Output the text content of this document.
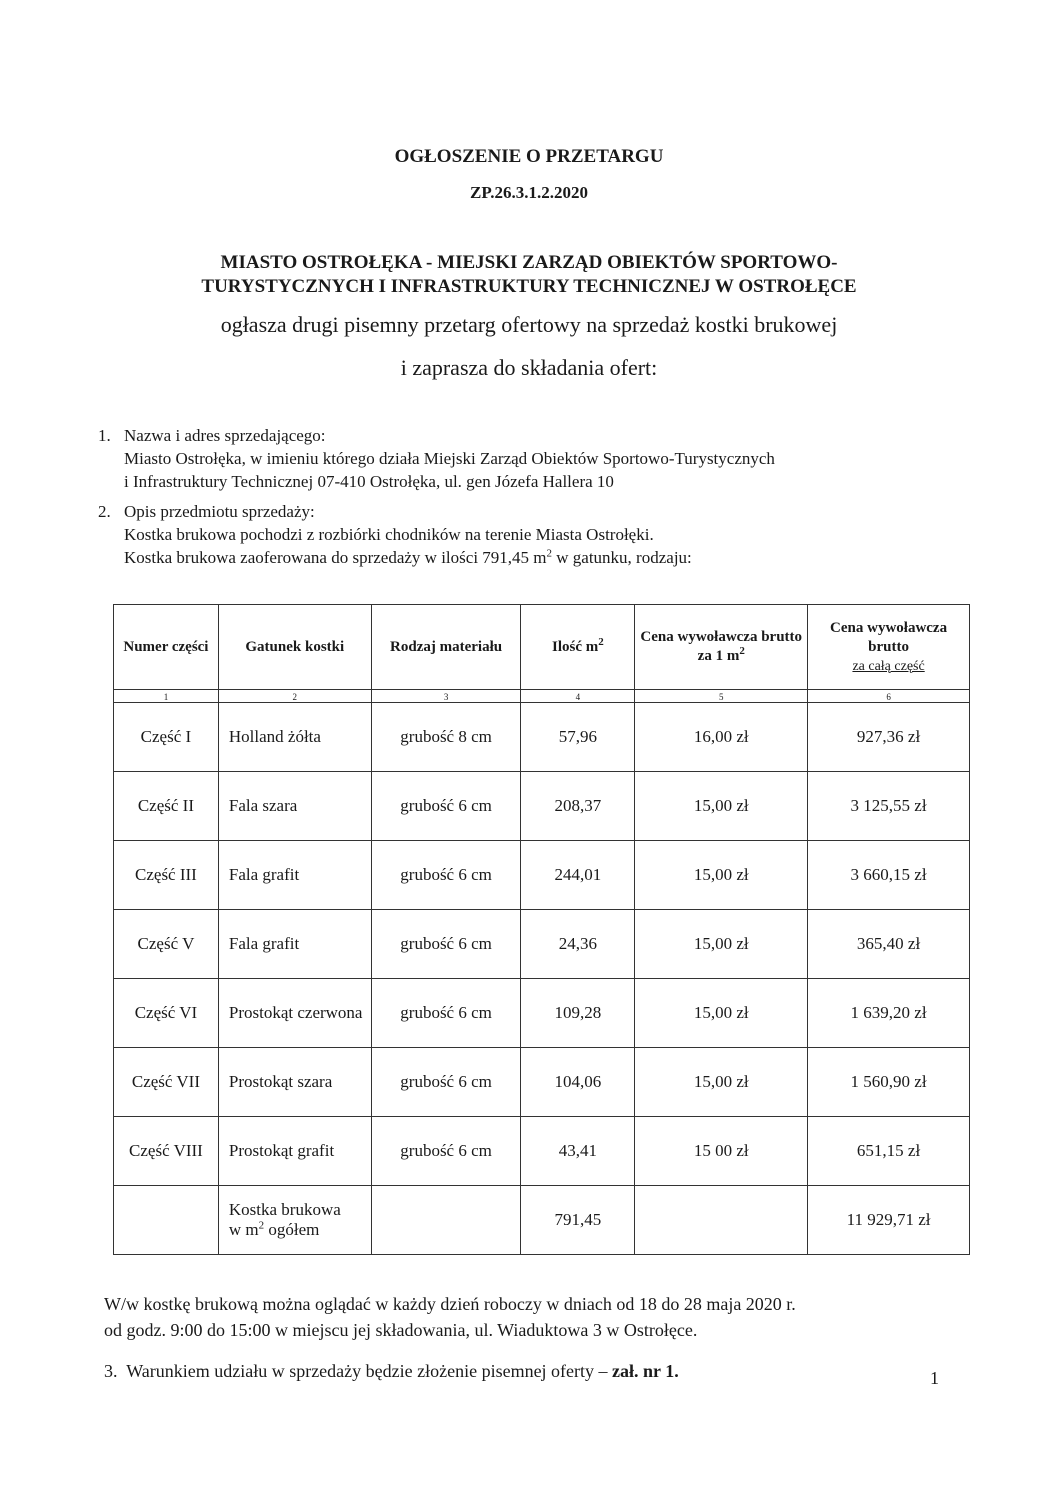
OGŁOSZENIE O PRZETARGU
ZP.26.3.1.2.2020
MIASTO OSTROŁĘKA - MIEJSKI ZARZĄD OBIEKTÓW SPORTOWO-
TURYSTYCZNYCH I INFRASTRUKTURY TECHNICZNEJ W OSTROŁĘCE
ogłasza drugi pisemny przetarg ofertowy na sprzedaż kostki brukowej
i zaprasza do składania ofert:
1. Nazwa i adres sprzedającego:
Miasto Ostrołęka, w imieniu którego działa Miejski Zarząd Obiektów Sportowo-Turystycznych
i Infrastruktury Technicznej 07-410 Ostrołęka, ul. gen Józefa Hallera 10
2. Opis przedmiotu sprzedaży:
Kostka brukowa pochodzi z rozbiórki chodników na terenie Miasta Ostrołęki.
Kostka brukowa zaoferowana do sprzedaży w ilości 791,45 $m^2$ w gatunku, rodzaju:
Numer części	Gatunek kostki	Rodzaj materiału	Ilość $m^2$	Cena wywoławcza brutto za 1 $m^2$	Cena wywoławcza brutto
za całą część

1	2	3	4	5	6
Część I	Holland żółta	grubość 8 cm	57,96	16,00 zł	927,36 zł
Część II	Fala szara	grubość 6 cm	208,37	15,00 zł	3 125,55 zł
Część III	Fala grafit	grubość 6 cm	244,01	15,00 zł	3 660,15 zł
Część V	Fala grafit	grubość 6 cm	24,36	15,00 zł	365,40 zł
Część VI	Prostokąt czerwona	grubość 6 cm	109,28	15,00 zł	1 639,20 zł
Część VII	Prostokąt szara	grubość 6 cm	104,06	15,00 zł	1 560,90 zł
Część VIII	Prostokąt grafit	grubość 6 cm	43,41	15 00 zł	651,15 zł

	Kostka brukowa
w $m^2$ ogółem		791,45		11 929,71 zł
W/w kostkę brukową można oglądać w każdy dzień roboczy w dniach od 18 do 28 maja 2020 r.
od godz. 9:00 do 15:00 w miejscu jej składowania, ul. Wiaduktowa 3 w Ostrołęce.
3. Warunkiem udziału w sprzedaży będzie złożenie pisemnej oferty – zał. nr 1.	1
